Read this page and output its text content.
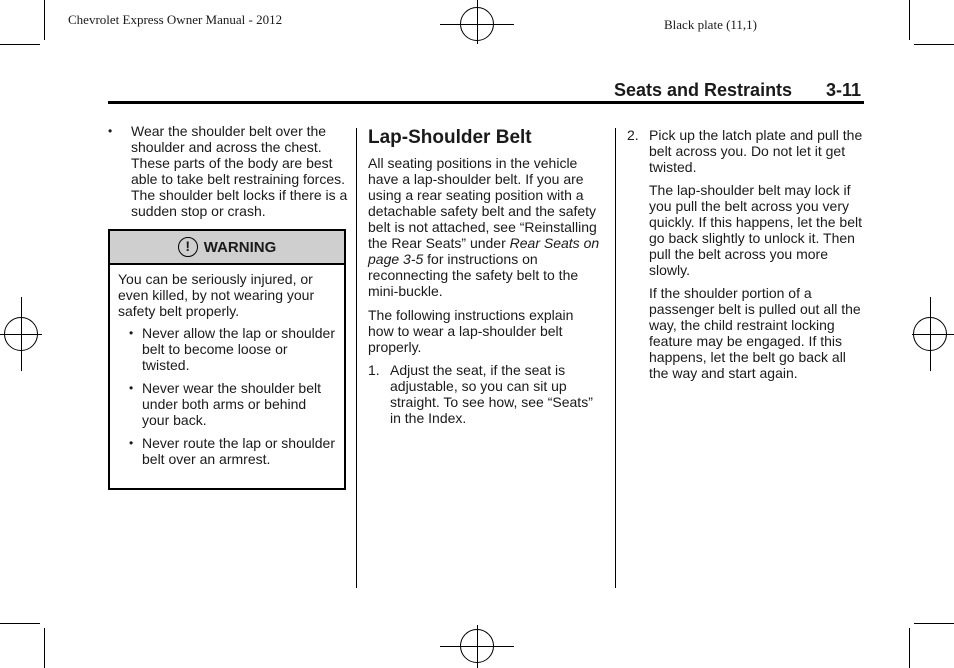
Chevrolet Express Owner Manual - 2012	Black plate (11,1)
Seats and Restraints 3-11
• Wear the shoulder belt over the shoulder and across the chest. These parts of the body are best able to take belt restraining forces. The shoulder belt locks if there is a sudden stop or crash.
! WARNING

You can be seriously injured, or even killed, by not wearing your safety belt properly.

• Never allow the lap or shoulder belt to become loose or twisted.
• Never wear the shoulder belt under both arms or behind your back.
• Never route the lap or shoulder belt over an armrest.
Lap-Shoulder Belt

All seating positions in the vehicle have a lap-shoulder belt. If you are using a rear seating position with a detachable safety belt and the safety belt is not attached, see “Reinstalling the Rear Seats” under Rear Seats on page 3-5 for instructions on reconnecting the safety belt to the mini-buckle.

The following instructions explain how to wear a lap-shoulder belt properly.

1. Adjust the seat, if the seat is adjustable, so you can sit up straight. To see how, see “Seats” in the Index.
2. Pick up the latch plate and pull the belt across you. Do not let it get twisted.

The lap-shoulder belt may lock if you pull the belt across you very quickly. If this happens, let the belt go back slightly to unlock it. Then pull the belt across you more slowly.

If the shoulder portion of a passenger belt is pulled out all the way, the child restraint locking feature may be engaged. If this happens, let the belt go back all the way and start again.
